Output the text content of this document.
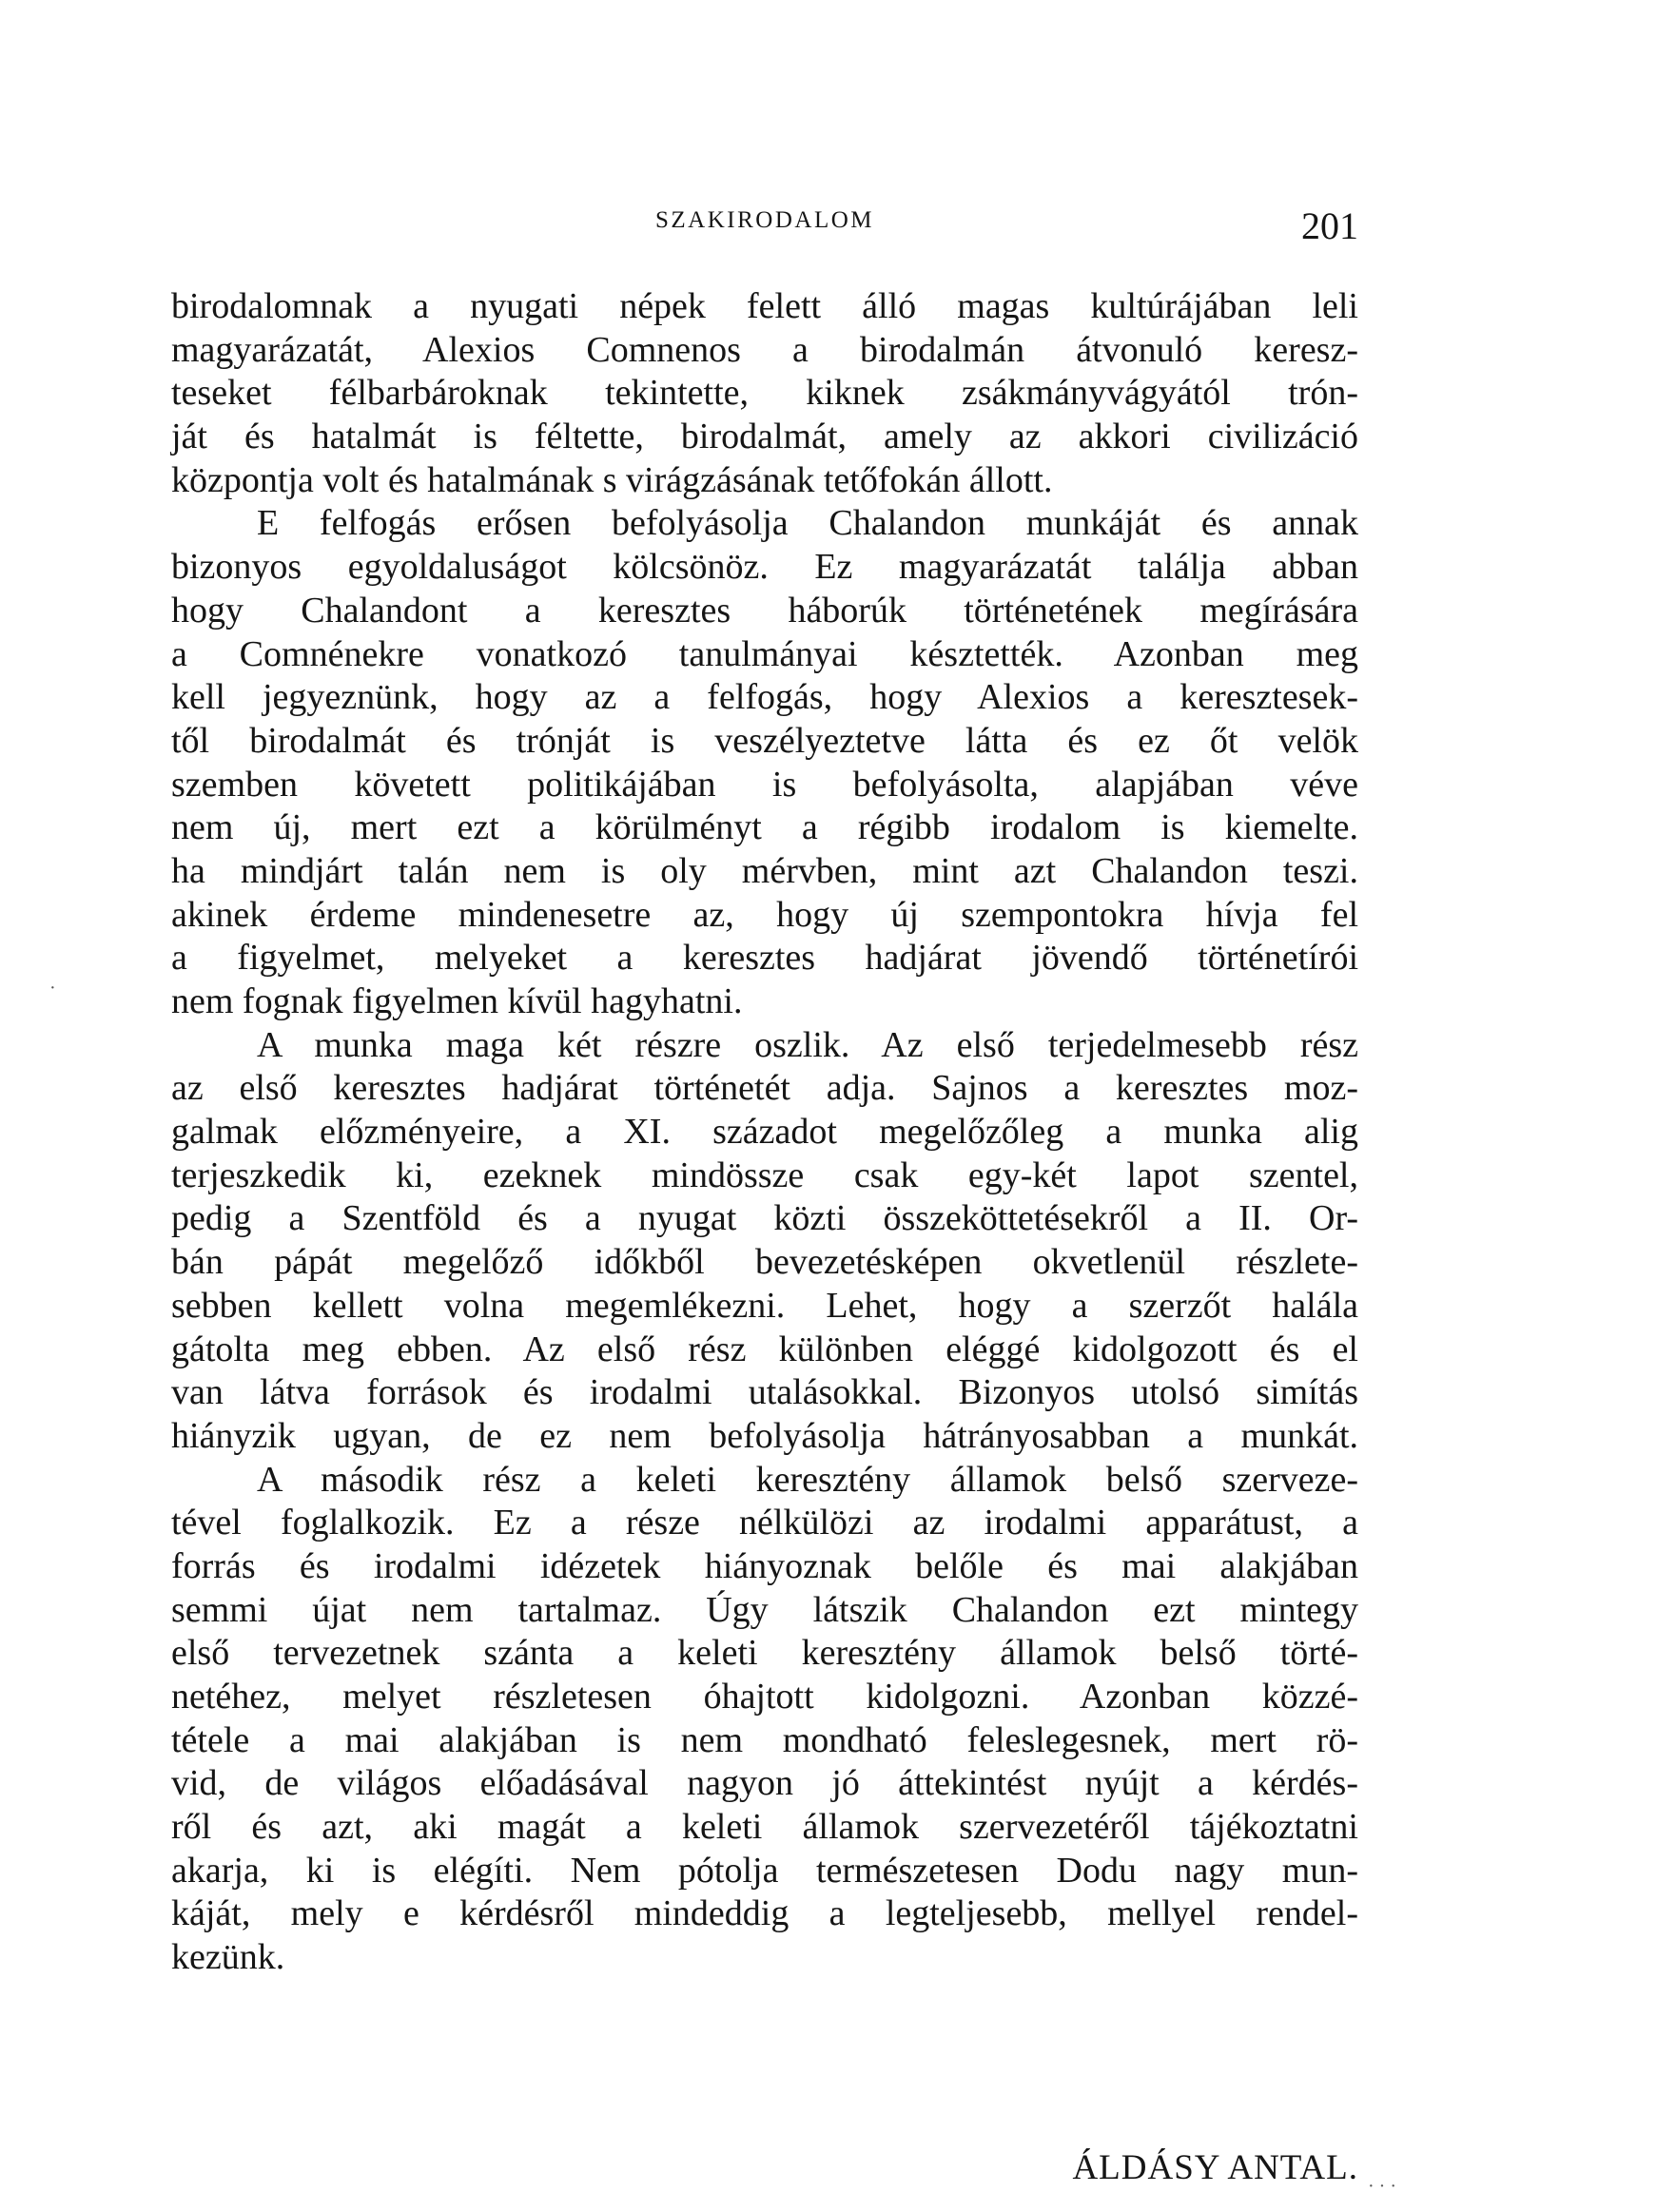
SZAKIRODALOM	201
birodalomnak a nyugati népek felett álló magas kultúrájában leli
magyarázatát, Alexios Comnenos a birodalmán átvonuló keresz-
teseket félbarbároknak tekintette, kiknek zsákmányvágyától trón-
ját és hatalmát is féltette, birodalmát, amely az akkori civilizáció
központja volt és hatalmának s virágzásának tetőfokán állott.
E felfogás erősen befolyásolja Chalandon munkáját és annak
bizonyos egyoldaluságot kölcsönöz. Ez magyarázatát találja abban
hogy Chalandont a keresztes háborúk történetének megírására
a Comnénekre vonatkozó tanulmányai késztették. Azonban meg
kell jegyeznünk, hogy az a felfogás, hogy Alexios a keresztesek-
től birodalmát és trónját is veszélyeztetve látta és ez őt velök
szemben követett politikájában is befolyásolta, alapjában véve
nem új, mert ezt a körülményt a régibb irodalom is kiemelte.
ha mindjárt talán nem is oly mérvben, mint azt Chalandon teszi.
akinek érdeme mindenesetre az, hogy új szempontokra hívja fel
a figyelmet, melyeket a keresztes hadjárat jövendő történetírói
nem fognak figyelmen kívül hagyhatni.
A munka maga két részre oszlik. Az első terjedelmesebb rész
az első keresztes hadjárat történetét adja. Sajnos a keresztes moz-
galmak előzményeire, a XI. századot megelőzőleg a munka alig
terjeszkedik ki, ezeknek mindössze csak egy-két lapot szentel,
pedig a Szentföld és a nyugat közti összeköttetésekről a II. Or-
bán pápát megelőző időkből bevezetésképen okvetlenül részlete-
sebben kellett volna megemlékezni. Lehet, hogy a szerzőt halála
gátolta meg ebben. Az első rész különben eléggé kidolgozott és el
van látva források és irodalmi utalásokkal. Bizonyos utolsó simítás
hiányzik ugyan, de ez nem befolyásolja hátrányosabban a munkát.
A második rész a keleti keresztény államok belső szerveze-
tével foglalkozik. Ez a része nélkülözi az irodalmi apparátust, a
forrás és irodalmi idézetek hiányoznak belőle és mai alakjában
semmi újat nem tartalmaz. Úgy látszik Chalandon ezt mintegy
első tervezetnek szánta a keleti keresztény államok belső törté-
netéhez, melyet részletesen óhajtott kidolgozni. Azonban közzé-
tétele a mai alakjában is nem mondható feleslegesnek, mert rö-
vid, de világos előadásával nagyon jó áttekintést nyújt a kérdés-
ről és azt, aki magát a keleti államok szervezetéről tájékoztatni
akarja, ki is elégíti. Nem pótolja természetesen Dodu nagy mun-
káját, mely e kérdésről mindeddig a legteljesebb, mellyel rendel-
kezünk.
ÁLDÁSY ANTAL.
·
· · ·
